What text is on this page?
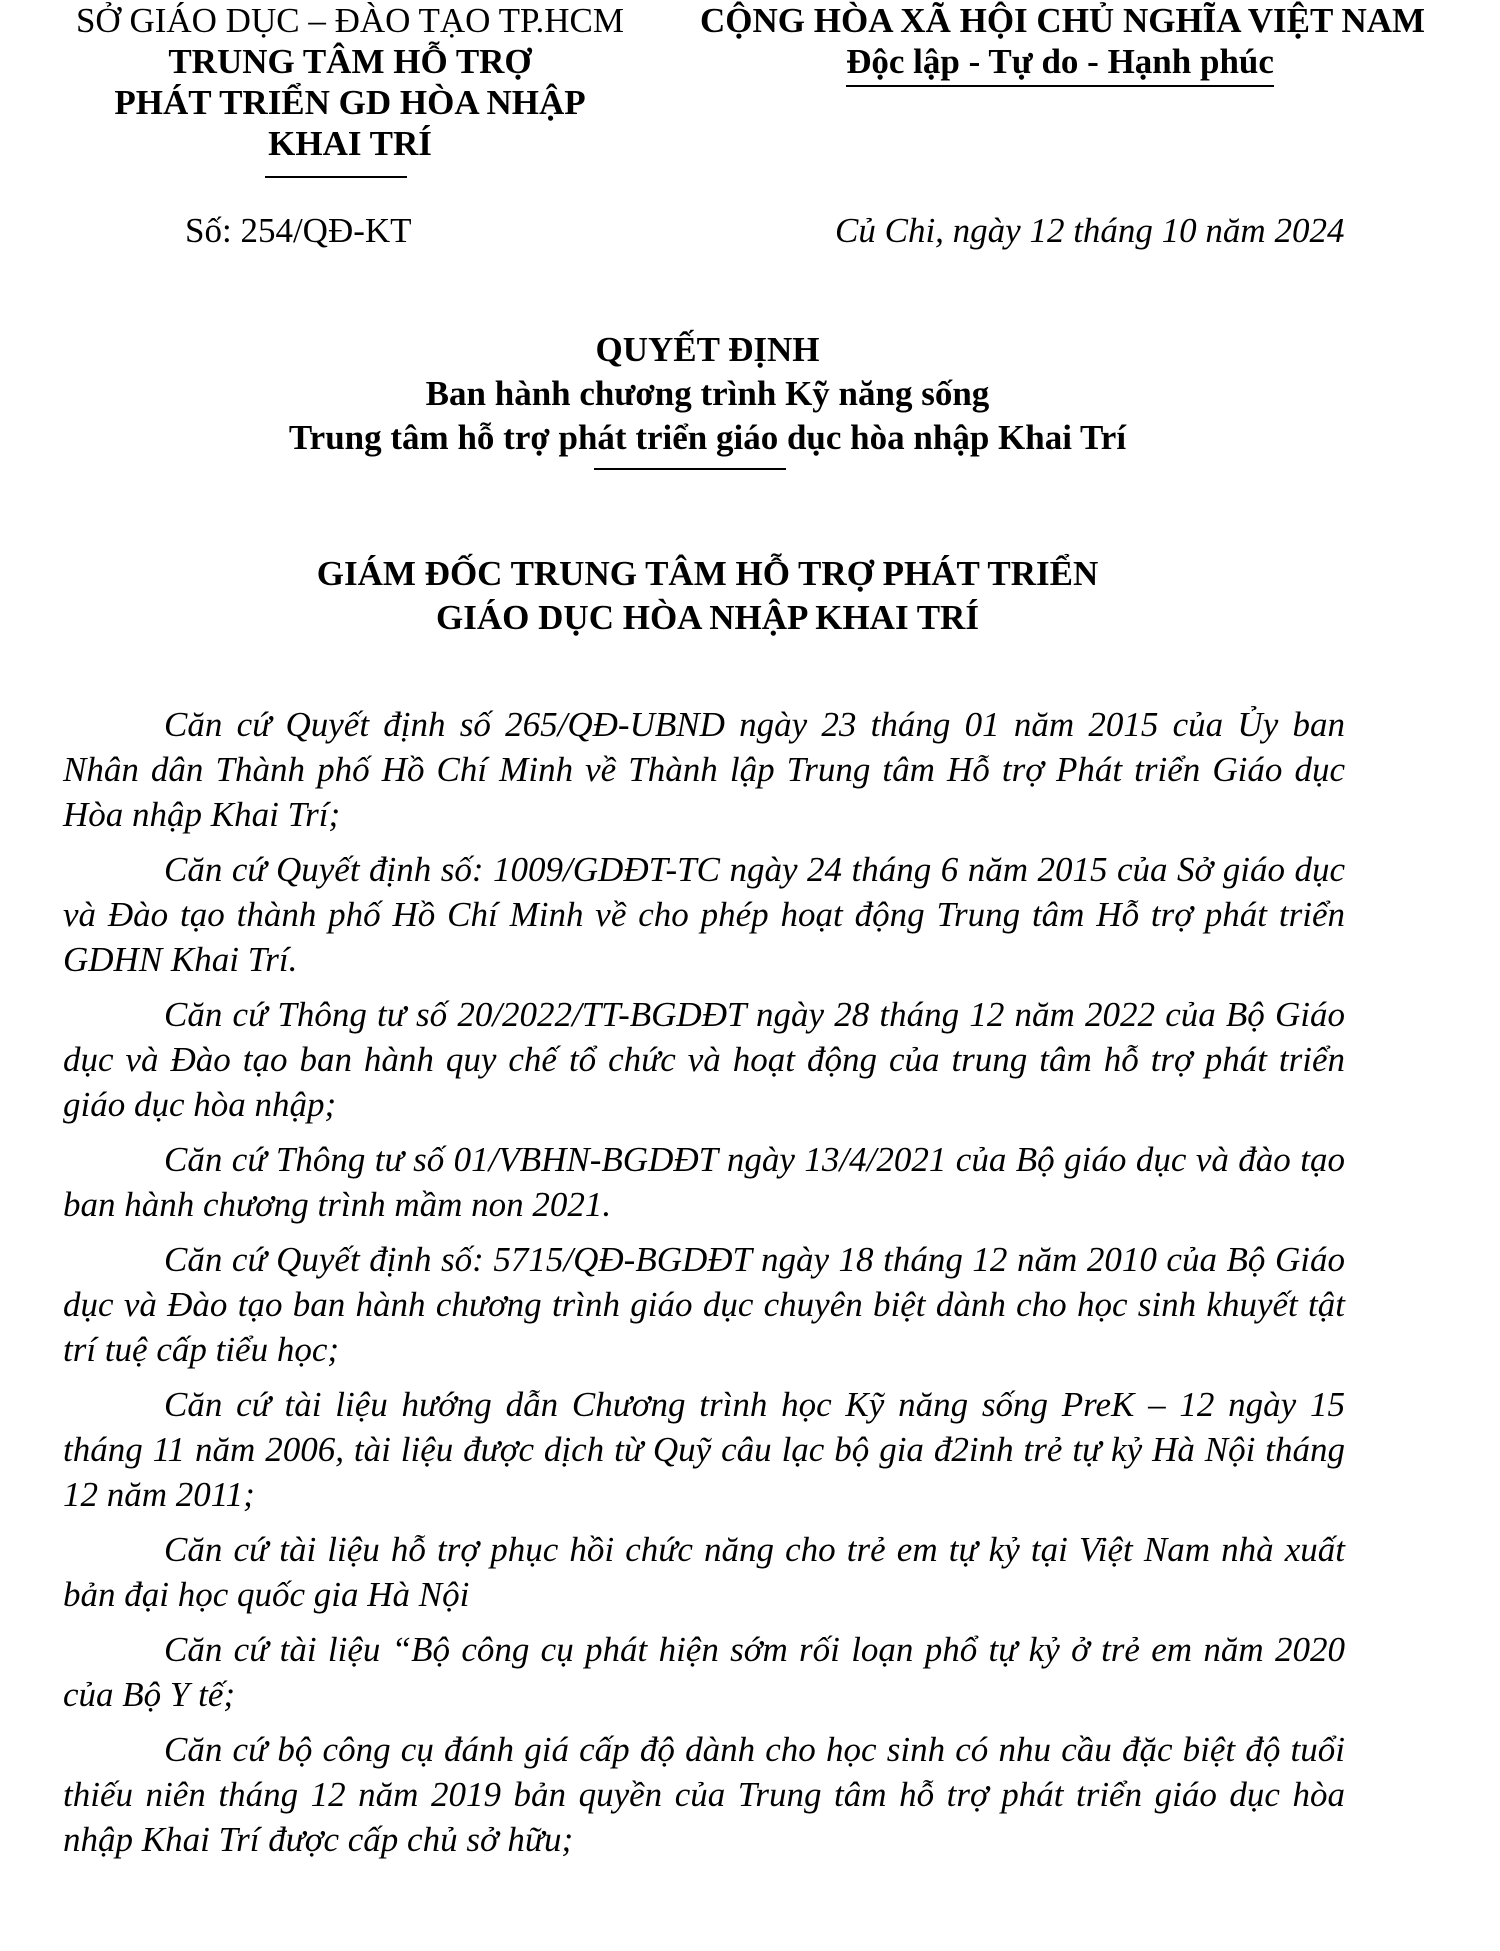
SỞ GIÁO DỤC – ĐÀO TẠO TP.HCM
TRUNG TÂM HỖ TRỢ
PHÁT TRIỂN GD HÒA NHẬP
KHAI TRÍ
CỘNG HÒA XÃ HỘI CHỦ NGHĨA VIỆT NAM
Độc lập - Tự do - Hạnh phúc
Số: 254/QĐ-KT	Củ Chi, ngày 12 tháng 10 năm 2024
QUYẾT ĐỊNH
Ban hành chương trình Kỹ năng sống
Trung tâm hỗ trợ phát triển giáo dục hòa nhập Khai Trí
GIÁM ĐỐC TRUNG TÂM HỖ TRỢ PHÁT TRIỂN
GIÁO DỤC HÒA NHẬP KHAI TRÍ

Căn cứ Quyết định số 265/QĐ-UBND ngày 23 tháng 01 năm 2015 của Ủy ban Nhân dân Thành phố Hồ Chí Minh về Thành lập Trung tâm Hỗ trợ Phát triển Giáo dục Hòa nhập Khai Trí;

Căn cứ Quyết định số: 1009/GDĐT-TC ngày 24 tháng 6 năm 2015 của Sở giáo dục và Đào tạo thành phố Hồ Chí Minh về cho phép hoạt động Trung tâm Hỗ trợ phát triển GDHN Khai Trí.

Căn cứ Thông tư số 20/2022/TT-BGDĐT ngày 28 tháng 12 năm 2022 của Bộ Giáo dục và Đào tạo ban hành quy chế tổ chức và hoạt động của trung tâm hỗ trợ phát triển giáo dục hòa nhập;

Căn cứ Thông tư số 01/VBHN-BGDĐT ngày 13/4/2021 của Bộ giáo dục và đào tạo ban hành chương trình mầm non 2021.

Căn cứ Quyết định số: 5715/QĐ-BGDĐT ngày 18 tháng 12 năm 2010 của Bộ Giáo dục và Đào tạo ban hành chương trình giáo dục chuyên biệt dành cho học sinh khuyết tật trí tuệ cấp tiểu học;

Căn cứ tài liệu hướng dẫn Chương trình học Kỹ năng sống PreK – 12 ngày 15 tháng 11 năm 2006, tài liệu được dịch từ Quỹ câu lạc bộ gia đ2inh trẻ tự kỷ Hà Nội tháng 12 năm 2011;

Căn cứ tài liệu hỗ trợ phục hồi chức năng cho trẻ em tự kỷ tại Việt Nam nhà xuất bản đại học quốc gia Hà Nội

Căn cứ tài liệu “Bộ công cụ phát hiện sớm rối loạn phổ tự kỷ ở trẻ em năm 2020 của Bộ Y tế;

Căn cứ bộ công cụ đánh giá cấp độ dành cho học sinh có nhu cầu đặc biệt độ tuổi thiếu niên tháng 12 năm 2019 bản quyền của Trung tâm hỗ trợ phát triển giáo dục hòa nhập Khai Trí được cấp chủ sở hữu;
